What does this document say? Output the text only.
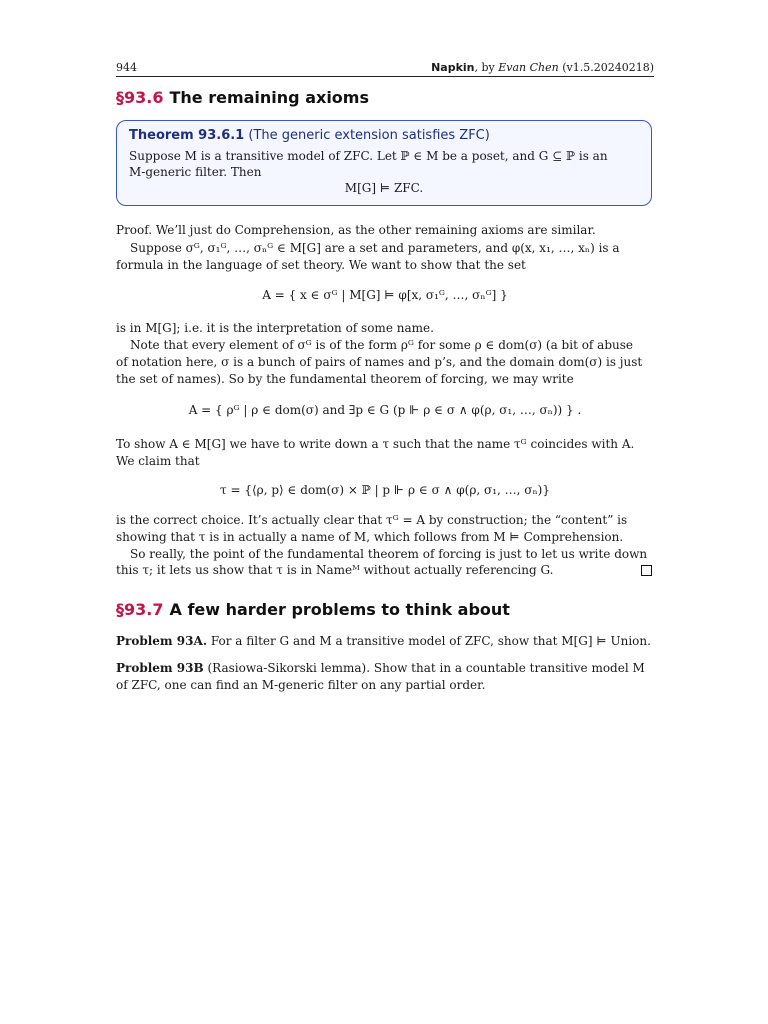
944	Napkin, by Evan Chen (v1.5.20240218)
§93.6 The remaining axioms
Theorem 93.6.1 (The generic extension satisfies ZFC)
Suppose M is a transitive model of ZFC. Let ℙ ∈ M be a poset, and G ⊆ ℙ is an
M-generic filter. Then
M[G] ⊨ ZFC.
Proof. We’ll just do Comprehension, as the other remaining axioms are similar.
Suppose σᴳ, σ₁ᴳ, …, σₙᴳ ∈ M[G] are a set and parameters, and φ(x, x₁, …, xₙ) is a
formula in the language of set theory. We want to show that the set
A = { x ∈ σᴳ | M[G] ⊨ φ[x, σ₁ᴳ, …, σₙᴳ] }
is in M[G]; i.e. it is the interpretation of some name.
Note that every element of σᴳ is of the form ρᴳ for some ρ ∈ dom(σ) (a bit of abuse
of notation here, σ is a bunch of pairs of names and p’s, and the domain dom(σ) is just
the set of names). So by the fundamental theorem of forcing, we may write
A = { ρᴳ | ρ ∈ dom(σ) and ∃p ∈ G (p ⊩ ρ ∈ σ ∧ φ(ρ, σ₁, …, σₙ)) } .
To show A ∈ M[G] we have to write down a τ such that the name τᴳ coincides with A.
We claim that
τ = {⟨ρ, p⟩ ∈ dom(σ) × ℙ | p ⊩ ρ ∈ σ ∧ φ(ρ, σ₁, …, σₙ)}
is the correct choice. It’s actually clear that τᴳ = A by construction; the “content” is
showing that τ is in actually a name of M, which follows from M ⊨ Comprehension.
So really, the point of the fundamental theorem of forcing is just to let us write down
this τ; it lets us show that τ is in Nameᴹ without actually referencing G.
§93.7 A few harder problems to think about
Problem 93A. For a filter G and M a transitive model of ZFC, show that M[G] ⊨ Union.
Problem 93B (Rasiowa-Sikorski lemma). Show that in a countable transitive model M
of ZFC, one can find an M-generic filter on any partial order.
